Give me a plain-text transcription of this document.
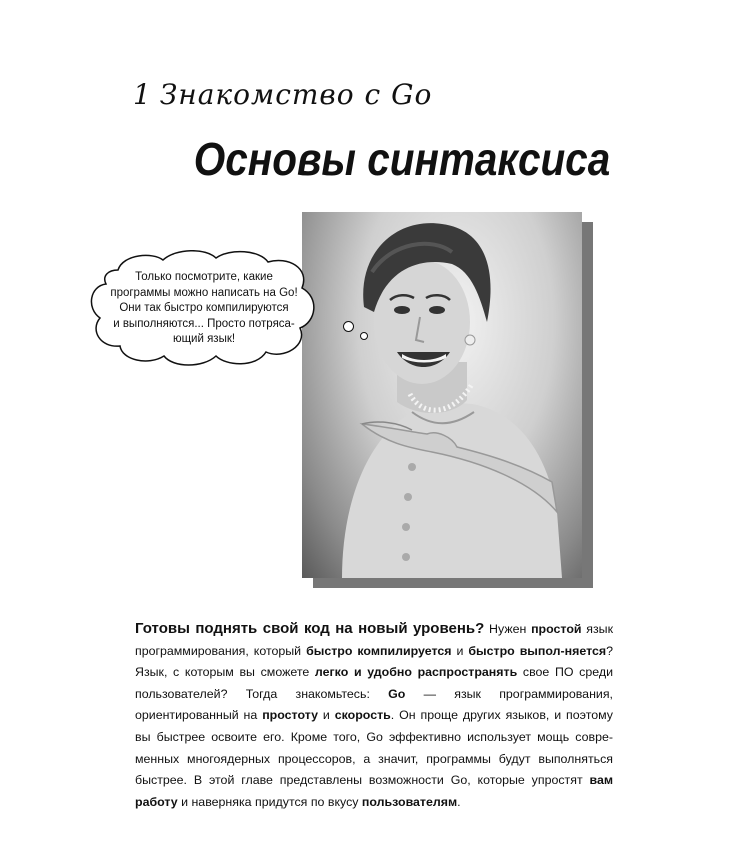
1 Знакомство с Go
Основы синтаксиса
Только посмотрите, какие
программы можно написать на Go!
Они так быстро компилируются
и выполняются... Просто потряса-
ющий язык!

Готовы поднять свой код на новый уровень? Нужен простой язык программирования, который быстро компилируется и быстро выпол-няется? Язык, с которым вы сможете легко и удобно распространять свое ПО среди пользователей? Тогда знакомьтесь: Go — язык программирования, ориентированный на простоту и скорость. Он проще других языков, и поэтому вы быстрее освоите его. Кроме того, Go эффективно использует мощь совре-менных многоядерных процессоров, а значит, программы будут выполняться быстрее. В этой главе представлены возможности Go, которые упростят вам работу и наверняка придутся по вкусу пользователям.
